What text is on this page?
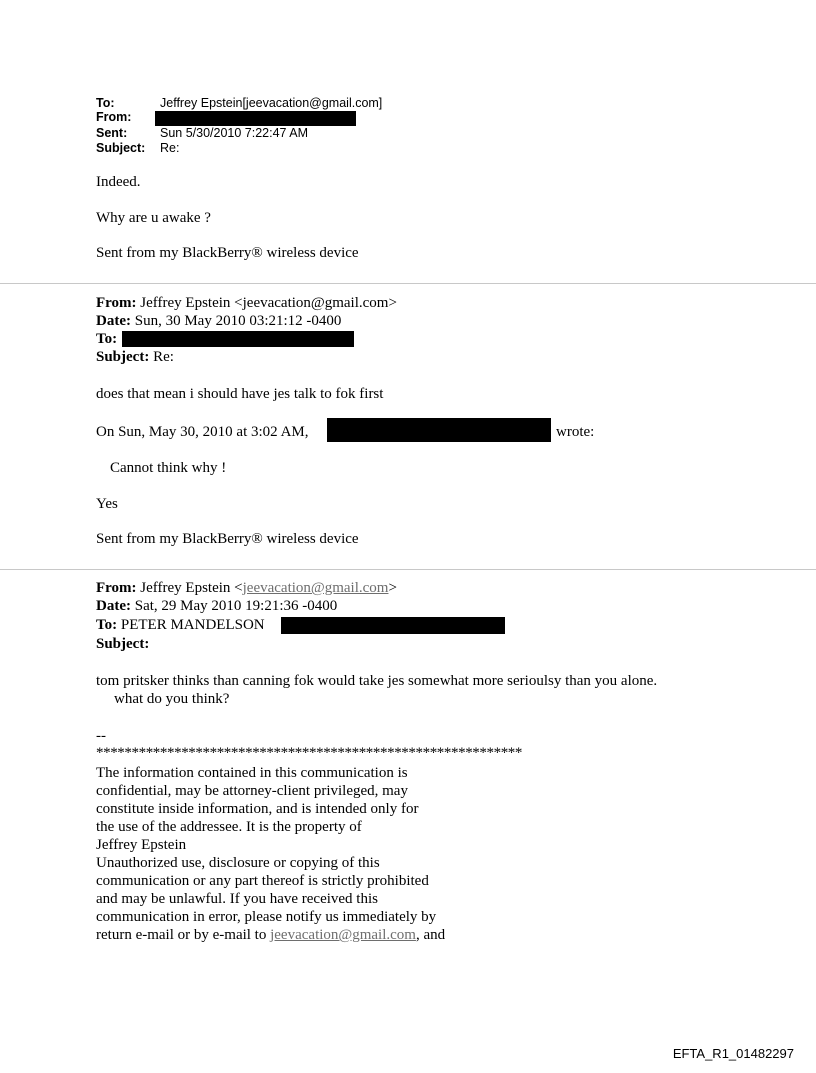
To:	Jeffrey Epstein[jeevacation@gmail.com]
From:
Sent:	Sun 5/30/2010 7:22:47 AM
Subject: Re:
Indeed.
Why are u awake ?
Sent from my BlackBerry® wireless device
From: Jeffrey Epstein <jeevacation@gmail.com>
Date: Sun, 30 May 2010 03:21:12 -0400
To:
Subject: Re:
does that mean i should have jes talk to fok first
On Sun, May 30, 2010 at 3:02 AM,	wrote:
Cannot think why !
Yes
Sent from my BlackBerry® wireless device
From: Jeffrey Epstein <jeevacation@gmail.com>
Date: Sat, 29 May 2010 19:21:36 -0400
To: PETER MANDELSON
Subject:
tom pritsker thinks than canning fok would take jes somewhat more serioulsy than you alone.
what do you think?
--
************************************************************
The information contained in this communication is
confidential, may be attorney-client privileged, may
constitute inside information, and is intended only for
the use of the addressee. It is the property of
Jeffrey Epstein
Unauthorized use, disclosure or copying of this
communication or any part thereof is strictly prohibited
and may be unlawful. If you have received this
communication in error, please notify us immediately by
return e-mail or by e-mail to jeevacation@gmail.com, and
EFTA_R1_01482297
